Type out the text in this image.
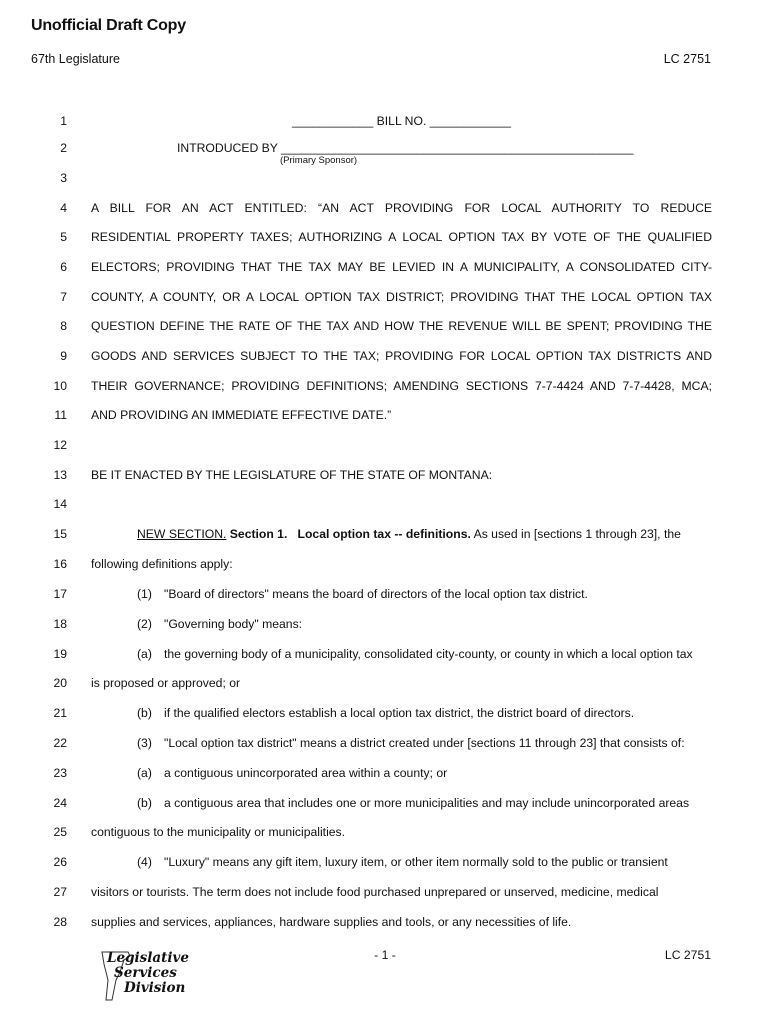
Unofficial Draft Copy
67th Legislature	LC 2751
1	____________ BILL NO. ____________
2	INTRODUCED BY ____________________________________________________
(Primary Sponsor)
3
4 A BILL FOR AN ACT ENTITLED: “AN ACT PROVIDING FOR LOCAL AUTHORITY TO REDUCE
5 RESIDENTIAL PROPERTY TAXES; AUTHORIZING A LOCAL OPTION TAX BY VOTE OF THE QUALIFIED
6 ELECTORS; PROVIDING THAT THE TAX MAY BE LEVIED IN A MUNICIPALITY, A CONSOLIDATED CITY-
7 COUNTY, A COUNTY, OR A LOCAL OPTION TAX DISTRICT; PROVIDING THAT THE LOCAL OPTION TAX
8 QUESTION DEFINE THE RATE OF THE TAX AND HOW THE REVENUE WILL BE SPENT; PROVIDING THE
9 GOODS AND SERVICES SUBJECT TO THE TAX; PROVIDING FOR LOCAL OPTION TAX DISTRICTS AND
10 THEIR GOVERNANCE; PROVIDING DEFINITIONS; AMENDING SECTIONS 7-7-4424 AND 7-7-4428, MCA;
11 AND PROVIDING AN IMMEDIATE EFFECTIVE DATE.”
12
13 BE IT ENACTED BY THE LEGISLATURE OF THE STATE OF MONTANA:
14
15	NEW SECTION. Section 1. Local option tax -- definitions. As used in [sections 1 through 23], the
16 following definitions apply:
17	(1) "Board of directors" means the board of directors of the local option tax district.
18	(2) "Governing body" means:
19	(a) the governing body of a municipality, consolidated city-county, or county in which a local option tax
20 is proposed or approved; or
21	(b) if the qualified electors establish a local option tax district, the district board of directors.
22	(3) "Local option tax district" means a district created under [sections 11 through 23] that consists of:
23	(a) a contiguous unincorporated area within a county; or
24	(b) a contiguous area that includes one or more municipalities and may include unincorporated areas
25 contiguous to the municipality or municipalities.
26	(4) "Luxury" means any gift item, luxury item, or other item normally sold to the public or transient
27 visitors or tourists. The term does not include food purchased unprepared or unserved, medicine, medical
28 supplies and services, appliances, hardware supplies and tools, or any necessities of life.
Legislative
Services
Division
- 1 -	LC 2751
